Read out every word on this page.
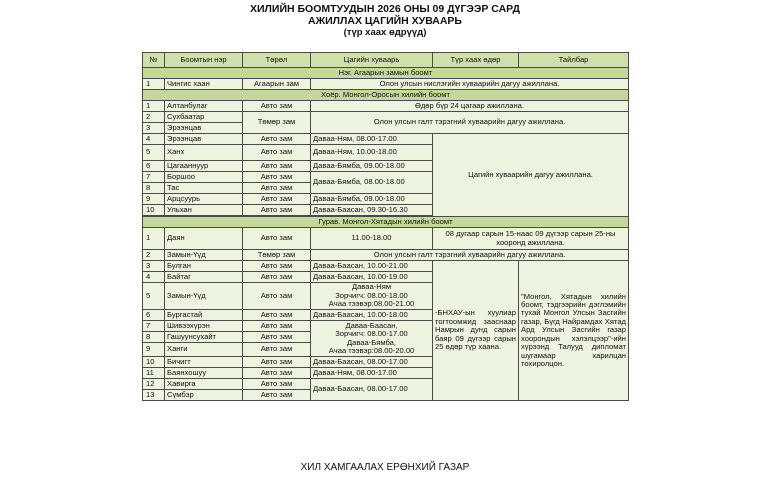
ХИЛИЙН БООМТУУДЫН 2026 ОНЫ 09 ДҮГЭЭР САРД
АЖИЛЛАХ ЦАГИЙН ХУВААРЬ
(түр хаах өдрүүд)
№	Боомтын нэр	Төрөл	Цагийн хуваарь	Түр хаах өдөр	Тайлбар
Нэг. Агаарын замын боомт					
1	Чингис хаан	Агаарын зам	Олон улсын нислэгийн хуваарийн дагуу ажиллана.		
Хоёр. Монгол-Оросын хилийн боомт					
1	Алтанбулаг	Авто зам	Өдөр бүр 24 цагаар ажиллана.		
2	Сухбаатар	Төмөр зам	Олон улсын галт тэрэгний хуваарийн дагуу ажиллана.		
3	Эрээнцав				
4	Эрээнцав	Авто зам	Даваа-Ням, 08.00-17.00	Цагийн хуваарийн дагуу ажиллана.	
5	Ханх	Авто зам	Даваа-Ням, 10.00-18.00		
6	Цагааннуур	Авто зам	Даваа-Бямба, 09.00-18.00		
7	Боршоо	Авто зам	Даваа-Бямба, 08.00-18.00		
8	Тас	Авто зам			
9	Арцсуурь	Авто зам	Даваа-Бямба, 09.00-18.00		
10	Ульхан	Авто зам	Даваа-Баасан, 09.30-16.30		

Гурав. Монгол-Хятадын хилийн боомт					
1	Даян	Авто зам	11.00-18.00	08 дугаар сарын 15-наас 09 дүгээр сарын 25-ны хооронд ажиллана.	
2	Замын-Үүд	Төмөр зам	Олон улсын галт тэрэгний хуваарийн дагуу ажиллана.		
3	Булган	Авто зам	Даваа-Баасан, 10.00-21.00	-БНХАУ-ын хуулиар тогтоомжид зааснаар Намрын дунд сарын баяр 09 дүгээр сарын 25 өдөр түр хаана.	"Монгол, Хятадын хилийн боомт, тэдгээрийн дэглэмийн тухай Монгол Улсын Засгийн газар, Бүгд Найрамдах Хятад Ард Улсын Засгийн газар хоорондын хэлэлцээр"-ийн хүрээнд Талууд дипломат шугамаар харилцан тохиролцон.
4	Байтаг	Авто зам	Даваа-Баасан, 10.00-19.00		
5	Замын-Үүд	Авто зам	Даваа-Ням
Зорчигч: 08.00-18.00
Ачаа тээвэр:08.00-21.00		

6	Бургастай	Авто зам	Даваа-Баасан, 10.00-18.00		
7	Шивээхүрэн	Авто зам	Даваа-Баасан,
Зорчигч: 08.00-17.00
Даваа-Бямба,
Ачаа тээвэр:08.00-20.00		

8	Гашуунсухайт	Авто зам			
9	Ханги	Авто зам			
10	Бичигт	Авто зам	Даваа-Баасан, 08.00-17.00		
11	Баянхошуу	Авто зам	Даваа-Ням, 08.00-17.00		
12	Хавирга	Авто зам	Даваа-Баасан, 08.00-17.00		
13	Сүмбэр	Авто зам			
ХИЛ ХАМГААЛАХ ЕРӨНХИЙ ГАЗАР
